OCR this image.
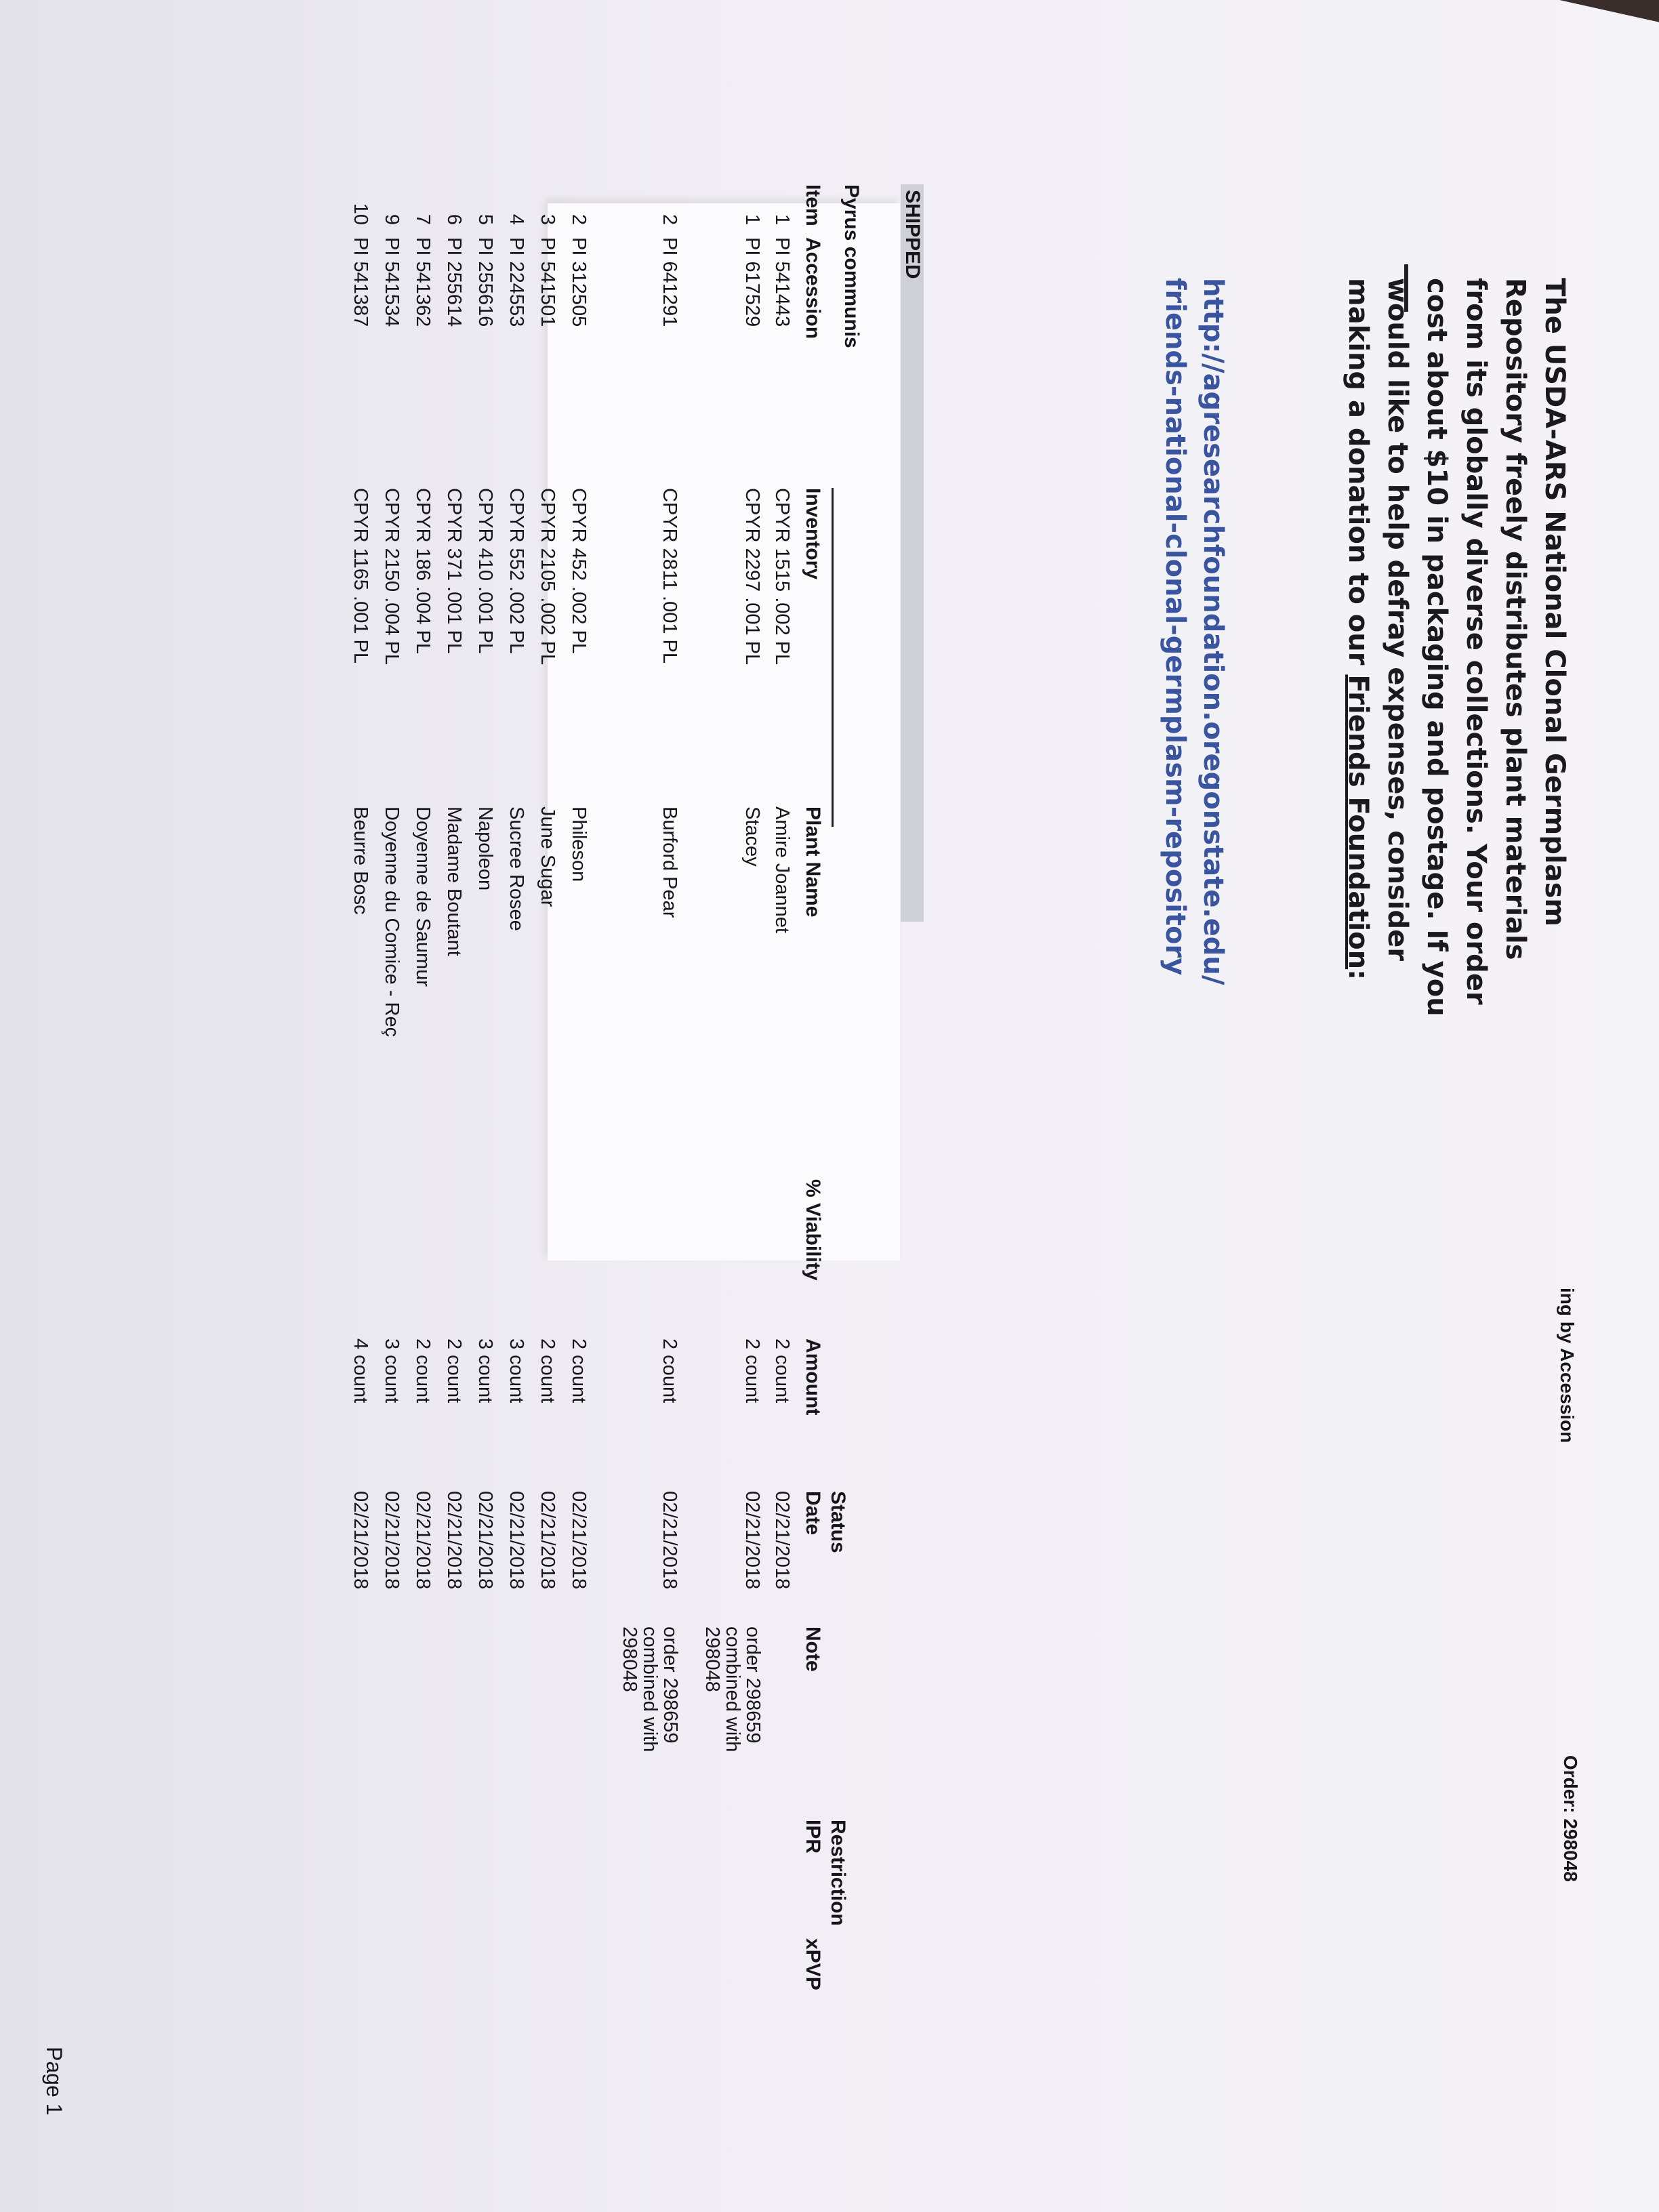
ing by Accession
Order: 298048
Page 1
The USDA-ARS National Clonal Germplasm
Repository freely distributes plant materials
from its globally diverse collections. Your order
cost about $10 in packaging and postage. If you
would like to help defray expenses, consider
making a donation to our Friends Foundation:
http://agresearchfoundation.oregonstate.edu/
friends-national-clonal-germplasm-repository
SHIPPED
Pyrus communis
Item
Accession
Inventory
Plant Name
% Viability
Amount
Status
Date
Note
Restriction
IPR
xPVP
1
PI 541443
CPYR 1515 .002 PL
Amire Joannet
2 count
02/21/2018
1
PI 617529
CPYR 2297 .001 PL
Stacey
2 count
02/21/2018
order 298659 combined with 298048
2
PI 641291
CPYR 2811 .001 PL
Burford Pear
2 count
02/21/2018
order 298659 combined with 298048
2
PI 312505
CPYR 452 .002 PL
Phileson
2 count
02/21/2018
3
PI 541501
CPYR 2105 .002 PL
June Sugar
2 count
02/21/2018
4
PI 224553
CPYR 552 .002 PL
Sucree Rosee
3 count
02/21/2018
5
PI 255616
CPYR 410 .001 PL
Napoleon
3 count
02/21/2018
6
PI 255614
CPYR 371 .001 PL
Madame Boutant
2 count
02/21/2018
7
PI 541362
CPYR 186 .004 PL
Doyenne de Saumur
2 count
02/21/2018
9
PI 541534
CPYR 2150 .004 PL
Doyenne du Comice - Reç
3 count
02/21/2018
10
PI 541387
CPYR 1165 .001 PL
Beurre Bosc
4 count
02/21/2018
